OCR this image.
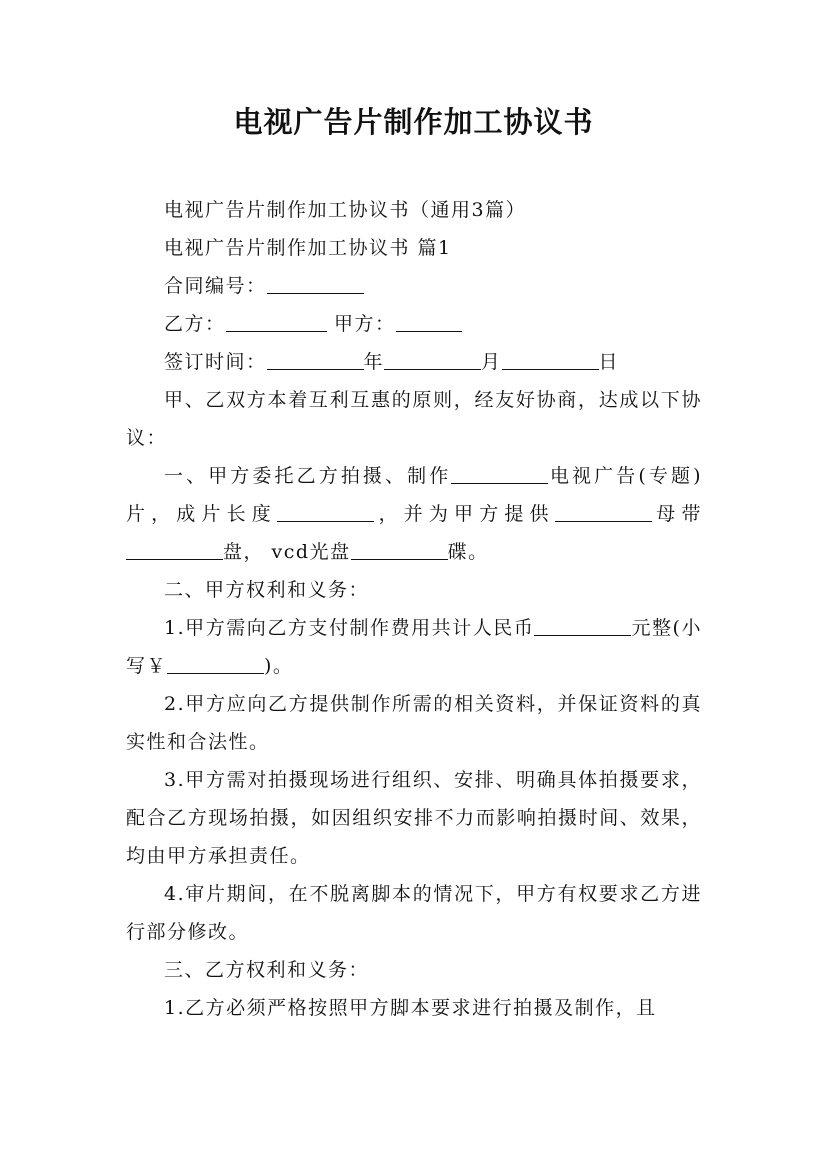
电视广告片制作加工协议书

电视广告片制作加工协议书（通用3篇）

电视广告片制作加工协议书 篇1

合同编号：

乙方：	甲方：

签订时间：	年	月	日

甲、乙双方本着互利互惠的原则，经友好协商，达成以下协议：

一、甲方委托乙方拍摄、制作	电视广告(专题)片，成片长度	，并为甲方提供	母带盘， vcd光盘	碟。

二、甲方权利和义务：

1.甲方需向乙方支付制作费用共计人民币	元整(小写￥	)。

2.甲方应向乙方提供制作所需的相关资料，并保证资料的真实性和合法性。

3.甲方需对拍摄现场进行组织、安排、明确具体拍摄要求，配合乙方现场拍摄，如因组织安排不力而影响拍摄时间、效果，均由甲方承担责任。

4.审片期间，在不脱离脚本的情况下，甲方有权要求乙方进行部分修改。

三、乙方权利和义务：

1.乙方必须严格按照甲方脚本要求进行拍摄及制作，且
